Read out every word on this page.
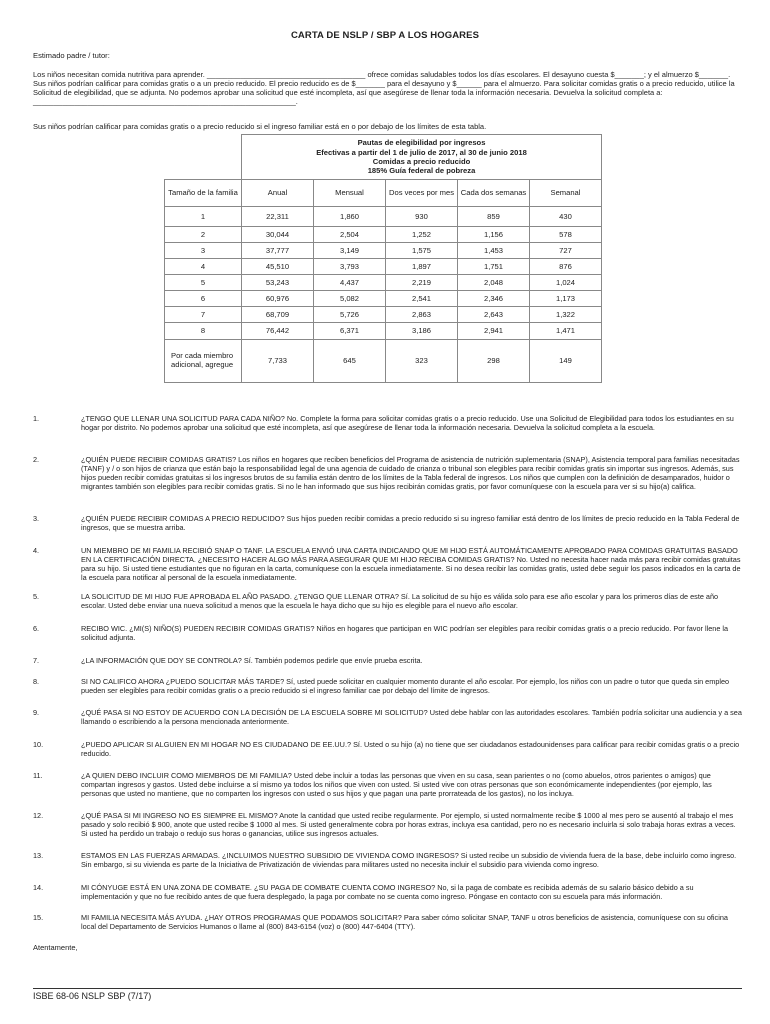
CARTA DE NSLP / SBP A LOS HOGARES
Estimado padre / tutor:
Los niños necesitan comida nutritiva para aprender. ______________________________________ ofrece comidas saludables todos los días escolares. El desayuno cuesta $_______; y el almuerzo $_______. Sus niños podrían calificar para comidas gratis o a un precio reducido. El precio reducido es de $_______ para el desayuno y $______ para el almuerzo. Para solicitar comidas gratis o a precio reducido, utilice la Solicitud de elegibilidad, que se adjunta. No podemos aprobar una solicitud que esté incompleta, así que asegúrese de llenar toda la información necesaria. Devuelva la solicitud completa a: _______________________________________________________________.
Sus niños podrían calificar para comidas gratis o a precio reducido si el ingreso familiar está en o por debajo de los límites de esta tabla.

	Pautas de elegibilidad por ingresos
Efectivas a partir del 1 de julio de 2017, al 30 de junio 2018
Comidas a precio reducido
185% Guía federal de pobreza				

Tamaño de la familia	Anual	Mensual	Dos veces por mes	Cada dos semanas	Semanal
1	22,311	1,860	930	859	430
2	30,044	2,504	1,252	1,156	578
3	37,777	3,149	1,575	1,453	727
4	45,510	3,793	1,897	1,751	876
5	53,243	4,437	2,219	2,048	1,024
6	60,976	5,082	2,541	2,346	1,173
7	68,709	5,726	2,863	2,643	1,322
8	76,442	6,371	3,186	2,941	1,471
Por cada miembro adicional, agregue	7,733	645	323	298	149
1.	¿TENGO QUE LLENAR UNA SOLICITUD PARA CADA NIÑO? No. Complete la forma para solicitar comidas gratis o a precio reducido. Use una Solicitud de Elegibilidad para todos los estudiantes en su hogar por distrito. No podemos aprobar una solicitud que esté incompleta, así que asegúrese de llenar toda la información necesaria. Devuelva la solicitud completa a la escuela.
2.	¿QUIÉN PUEDE RECIBIR COMIDAS GRATIS? Los niños en hogares que reciben beneficios del Programa de asistencia de nutrición suplementaria (SNAP), Asistencia temporal para familias necesitadas (TANF) y / o son hijos de crianza que están bajo la responsabilidad legal de una agencia de cuidado de crianza o tribunal son elegibles para recibir comidas gratis sin importar sus ingresos. Además, sus hijos pueden recibir comidas gratuitas si los ingresos brutos de su familia están dentro de los límites de la Tabla federal de ingresos. Los niños que cumplen con la definición de desamparados, huidor o migrantes también son elegibles para recibir comidas gratis. Si no le han informado que sus hijos recibirán comidas gratis, por favor comuníquese con la escuela para ver si su hijo(a) califica.
3.	¿QUIÉN PUEDE RECIBIR COMIDAS A PRECIO REDUCIDO? Sus hijos pueden recibir comidas a precio reducido si su ingreso familiar está dentro de los límites de precio reducido en la Tabla Federal de ingresos, que se muestra arriba.
4.	UN MIEMBRO DE MI FAMILIA RECIBIÓ SNAP O TANF. LA ESCUELA ENVIÓ UNA CARTA INDICANDO QUE MI HIJO ESTÁ AUTOMÁTICAMENTE APROBADO PARA COMIDAS GRATUITAS BASADO EN LA CERTIFICACIÓN DIRECTA. ¿NECESITO HACER ALGO MÁS PARA ASEGURAR QUE MI HIJO RECIBA COMIDAS GRATIS? No. Usted no necesita hacer nada más para recibir comidas gratuitas para su hijo. Si usted tiene estudiantes que no figuran en la carta, comuníquese con la escuela inmediatamente. Si no desea recibir las comidas gratis, usted debe seguir los pasos indicados en la carta de la escuela para notificar al personal de la escuela inmediatamente.
5.	LA SOLICITUD DE MI HIJO FUE APROBADA EL AÑO PASADO. ¿TENGO QUE LLENAR OTRA? Sí. La solicitud de su hijo es válida solo para ese año escolar y para los primeros días de este año escolar. Usted debe enviar una nueva solicitud a menos que la escuela le haya dicho que su hijo es elegible para el nuevo año escolar.
6.	RECIBO WIC. ¿MI(S) NIÑO(S) PUEDEN RECIBIR COMIDAS GRATIS? Niños en hogares que participan en WIC podrían ser elegibles para recibir comidas gratis o a precio reducido. Por favor llene la solicitud adjunta.
7.	¿LA INFORMACIÓN QUE DOY SE CONTROLA? Sí. También podemos pedirle que envíe prueba escrita.
8.	SI NO CALIFICO AHORA ¿PUEDO SOLICITAR MÁS TARDE? Sí, usted puede solicitar en cualquier momento durante el año escolar. Por ejemplo, los niños con un padre o tutor que queda sin empleo pueden ser elegibles para recibir comidas gratis o a precio reducido si el ingreso familiar cae por debajo del límite de ingresos.
9.	¿QUÉ PASA SI NO ESTOY DE ACUERDO CON LA DECISIÓN DE LA ESCUELA SOBRE MI SOLICITUD? Usted debe hablar con las autoridades escolares. También podría solicitar una audiencia y a sea llamando o escribiendo a la persona mencionada anteriormente.
10.	¿PUEDO APLICAR SI ALGUIEN EN MI HOGAR NO ES CIUDADANO DE EE.UU.? Sí. Usted o su hijo (a) no tiene que ser ciudadanos estadounidenses para calificar para recibir comidas gratis o a precio reducido.
11.	¿A QUIEN DEBO INCLUIR COMO MIEMBROS DE MI FAMILIA? Usted debe incluir a todas las personas que viven en su casa, sean parientes o no (como abuelos, otros parientes o amigos) que compartan ingresos y gastos. Usted debe incluirse a sí mismo ya todos los niños que viven con usted. Si usted vive con otras personas que son económicamente independientes (por ejemplo, las personas que usted no mantiene, que no comparten los ingresos con usted o sus hijos y que pagan una parte prorrateada de los gastos), no los incluya.
12.	¿QUÉ PASA SI MI INGRESO NO ES SIEMPRE EL MISMO? Anote la cantidad que usted recibe regularmente. Por ejemplo, si usted normalmente recibe $ 1000 al mes pero se ausentó al trabajo el mes pasado y solo recibió $ 900, anote que usted recibe $ 1000 al mes. Si usted generalmente cobra por horas extras, incluya esa cantidad, pero no es necesario incluirla si solo trabaja horas extras a veces. Si usted ha perdido un trabajo o redujo sus horas o ganancias, utilice sus ingresos actuales.
13.	ESTAMOS EN LAS FUERZAS ARMADAS. ¿INCLUIMOS NUESTRO SUBSIDIO DE VIVIENDA COMO INGRESOS? Si usted recibe un subsidio de vivienda fuera de la base, debe incluirlo como ingreso. Sin embargo, si su vivienda es parte de la Iniciativa de Privatización de viviendas para militares usted no necesita incluir el subsidio para vivienda como ingreso.
14.	MI CÓNYUGE ESTÁ EN UNA ZONA DE COMBATE. ¿SU PAGA DE COMBATE CUENTA COMO INGRESO? No, si la paga de combate es recibida además de su salario básico debido a su implementación y que no fue recibido antes de que fuera desplegado, la paga por combate no se cuenta como ingreso. Póngase en contacto con su escuela para más información.
15.	MI FAMILIA NECESITA MÁS AYUDA. ¿HAY OTROS PROGRAMAS QUE PODAMOS SOLICITAR? Para saber cómo solicitar SNAP, TANF u otros beneficios de asistencia, comuníquese con su oficina local del Departamento de Servicios Humanos o llame al (800) 843-6154 (voz) o (800) 447-6404 (TTY).
Atentamente,
ISBE 68-06 NSLP SBP (7/17)
